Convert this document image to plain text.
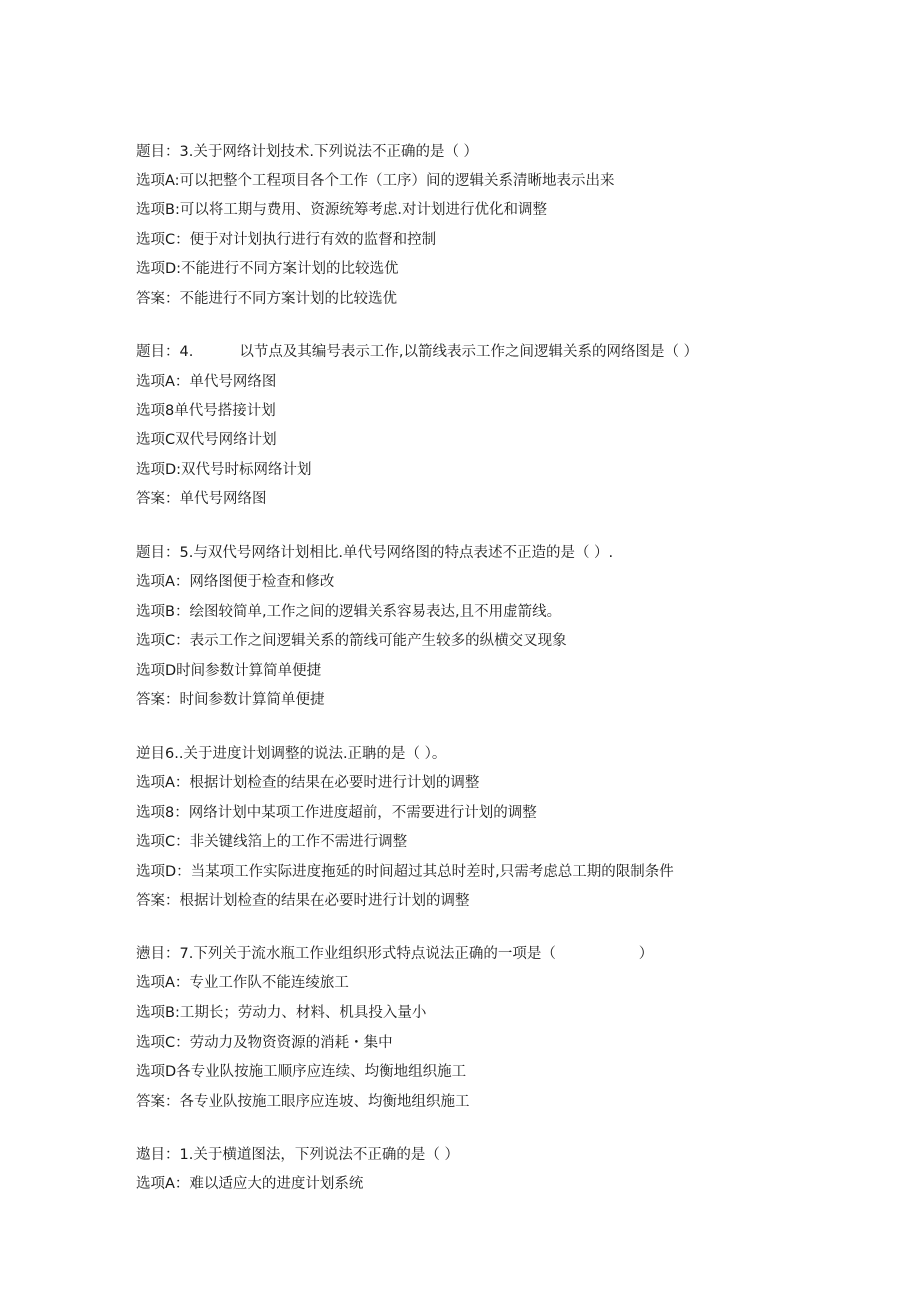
题目：3.关于网络计划技术.下列说法不正确的是（ ）
选项A:可以把整个工程项目各个工作（工序）间的逻辑关系清晰地表示出来
选项B:可以将工期与费用、资源统筹考虑.对计划进行优化和调整
选项C：便于对计划执行进行有效的监督和控制
选项D:不能进行不同方案计划的比较选优
答案：不能进行不同方案计划的比较选优
题目：4.          以节点及其编号表示工作,以箭线表示工作之间逻辑关系的网络图是（ ）
选项A：单代号网络图
选项8单代号搭接计划
选项C双代号网络计划
选项D:双代号时标网络计划
答案：单代号网络图
题目：5.与双代号网络计划相比.单代号网络图的特点表述不正造的是（ ）.
选项A：网络图便于检查和修改
选项B：绘图较简单,工作之间的逻辑关系容易表达,且不用虚箭线。
选项C：表示工作之间逻辑关系的箭线可能产生较多的纵横交叉现象
选项D时间参数计算简单便捷
答案：时间参数计算简单便捷
逆目6..关于进度计划调整的说法.正聃的是（ ）。
选项A：根据计划检查的结果在必要时进行计划的调整
选项8：网络计划中某项工作进度超前，不需要进行计划的调整
选项C：非关键线箔上的工作不需进行调整
选项D：当某项工作实际进度拖延的时间超过其总时差时,只需考虑总工期的限制条件
答案：根据计划检查的结果在必要时进行计划的调整
懑目：7.下列关于流水瓶工作业组织形式特点说法正确的一项是（                  ）
选项A：专业工作队不能连绫旅工
选项B:工期长；劳动力、材料、机具投入量小
选项C：劳动力及物资资源的消耗・集中
选项D各专业队按施工顺序应连续、均衡地组织施工
答案：各专业队按施工眼序应连坡、均衡地组织施工
遨目：1.关于横道图法，下列说法不正确的是（ ）
选项A：难以适应大的进度计划系统
